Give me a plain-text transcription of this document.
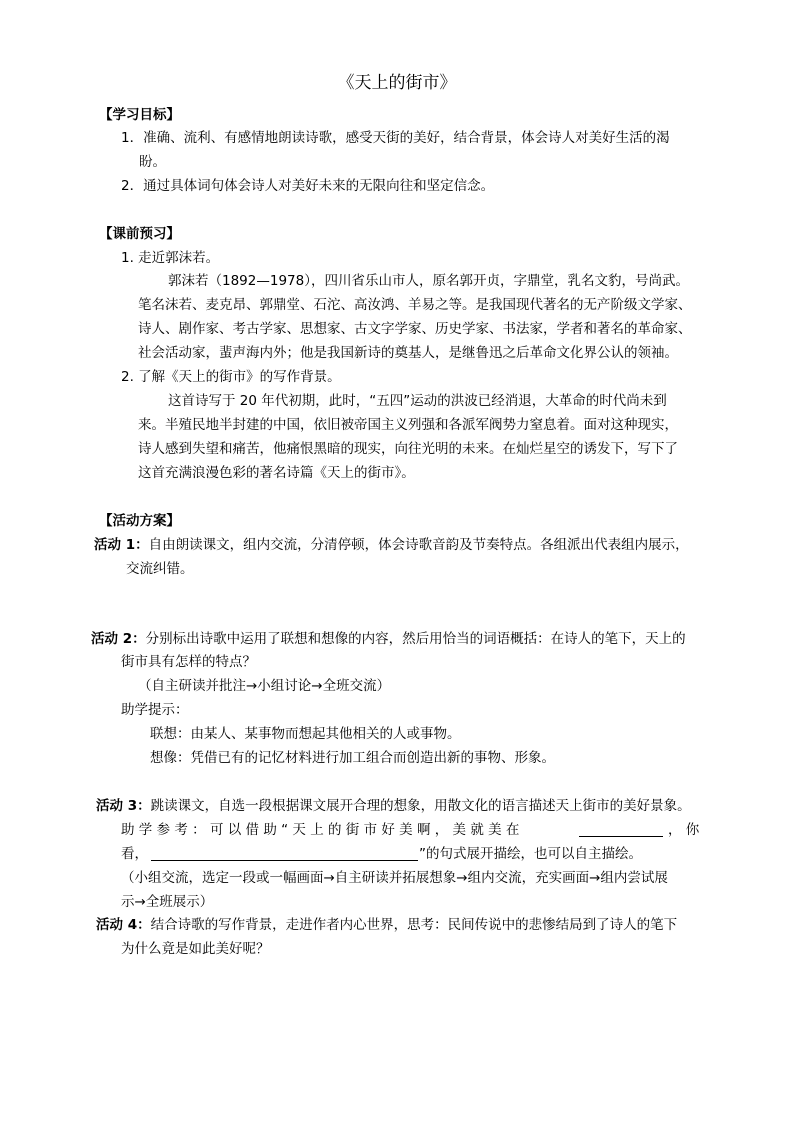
《天上的街市》
【学习目标】
1．准确、流利、有感情地朗读诗歌，感受天街的美好，结合背景，体会诗人对美好生活的渴
盼。
2．通过具体词句体会诗人对美好未来的无限向往和坚定信念。
【课前预习】
1. 走近郭沫若。
郭沫若（1892—1978），四川省乐山市人，原名郭开贞，字鼎堂，乳名文豹，号尚武。
笔名沫若、麦克昂、郭鼎堂、石沱、高汝鸿、羊易之等。是我国现代著名的无产阶级文学家、
诗人、剧作家、考古学家、思想家、古文字学家、历史学家、书法家，学者和著名的革命家、
社会活动家，蜚声海内外；他是我国新诗的奠基人，是继鲁迅之后革命文化界公认的领袖。
2. 了解《天上的街市》的写作背景。
这首诗写于 20 年代初期，此时，“五四”运动的洪波已经消退，大革命的时代尚未到
来。半殖民地半封建的中国，依旧被帝国主义列强和各派军阀势力窒息着。面对这种现实，
诗人感到失望和痛苦，他痛恨黑暗的现实，向往光明的未来。在灿烂星空的诱发下，写下了
这首充满浪漫色彩的著名诗篇《天上的街市》。
【活动方案】
活动 1：自由朗读课文，组内交流，分清停顿，体会诗歌音韵及节奏特点。各组派出代表组内展示，
交流纠错。
活动 2：分别标出诗歌中运用了联想和想像的内容，然后用恰当的词语概括：在诗人的笔下，天上的
街市具有怎样的特点？
（自主研读并批注→小组讨论→全班交流）
助学提示：
联想：由某人、某事物而想起其他相关的人或事物。
想像：凭借已有的记忆材料进行加工组合而创造出新的事物、形象。
活动 3：跳读课文，自选一段根据课文展开合理的想象，用散文化的语言描述天上街市的美好景象。
助 学 参 考 ： 可 以 借 助 “ 天 上 的 街 市 好 美 啊 ， 美 就 美 在	， 你
看，	”的句式展开描绘，也可以自主描绘。
（小组交流，选定一段或一幅画面→自主研读并拓展想象→组内交流，充实画面→组内尝试展
示→全班展示）
活动 4：结合诗歌的写作背景，走进作者内心世界，思考：民间传说中的悲惨结局到了诗人的笔下
为什么竟是如此美好呢？
